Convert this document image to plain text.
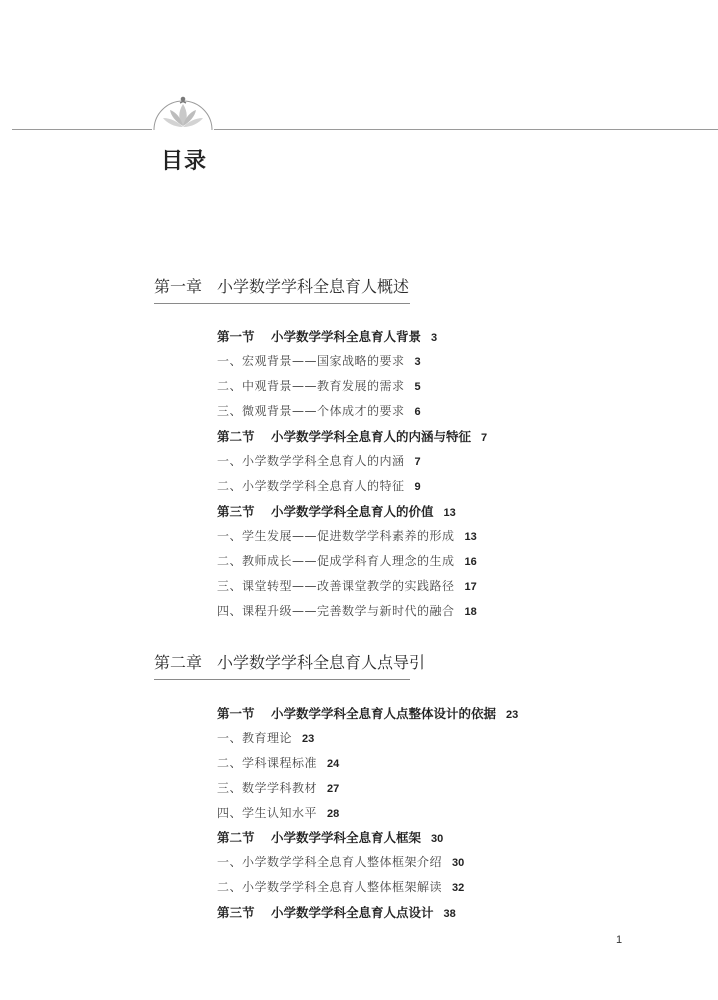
目录
第一章 小学数学学科全息育人概述
第一节 小学数学学科全息育人背景 3
一、宏观背景——国家战略的要求 3
二、中观背景——教育发展的需求 5
三、微观背景——个体成才的要求 6
第二节 小学数学学科全息育人的内涵与特征 7
一、小学数学学科全息育人的内涵 7
二、小学数学学科全息育人的特征 9
第三节 小学数学学科全息育人的价值 13
一、学生发展——促进数学学科素养的形成 13
二、教师成长——促成学科育人理念的生成 16
三、课堂转型——改善课堂教学的实践路径 17
四、课程升级——完善数学与新时代的融合 18
第二章 小学数学学科全息育人点导引
第一节 小学数学学科全息育人点整体设计的依据 23
一、教育理论 23
二、学科课程标准 24
三、数学学科教材 27
四、学生认知水平 28
第二节 小学数学学科全息育人框架 30
一、小学数学学科全息育人整体框架介绍 30
二、小学数学学科全息育人整体框架解读 32
第三节 小学数学学科全息育人点设计 38
1
